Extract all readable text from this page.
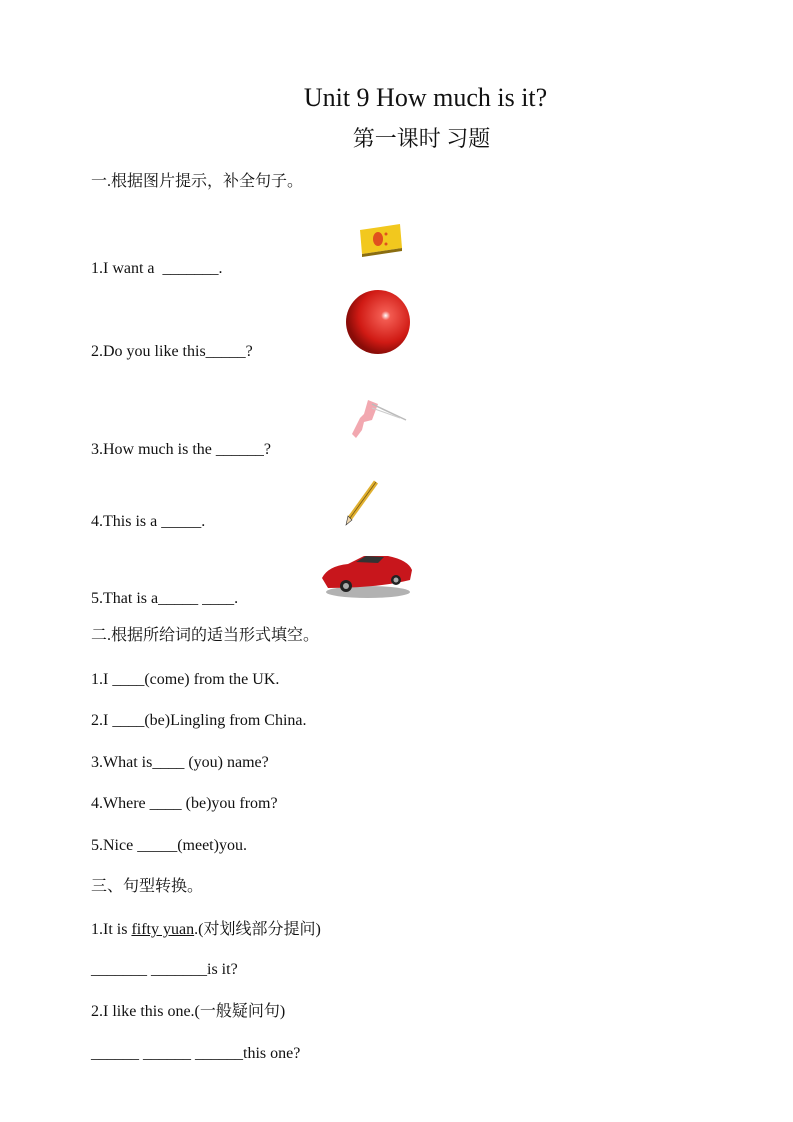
Unit 9 How much is it?
第一课时 习题
一.根据图片提示，补全句子。
1.I want a  _______.
2.Do you like this_____?
3.How much is the ______?
4.This is a _____.
5.That is a_____ ____.
二.根据所给词的适当形式填空。
1.I ____(come) from the UK.
2.I ____(be)Lingling from China.
3.What is____ (you) name?
4.Where ____ (be)you from?
5.Nice _____(meet)you.
三、句型转换。
1.It is fifty yuan.(对划线部分提问)
_______ _______is it?
2.I like this one.(一般疑问句)
______ ______ ______this one?
